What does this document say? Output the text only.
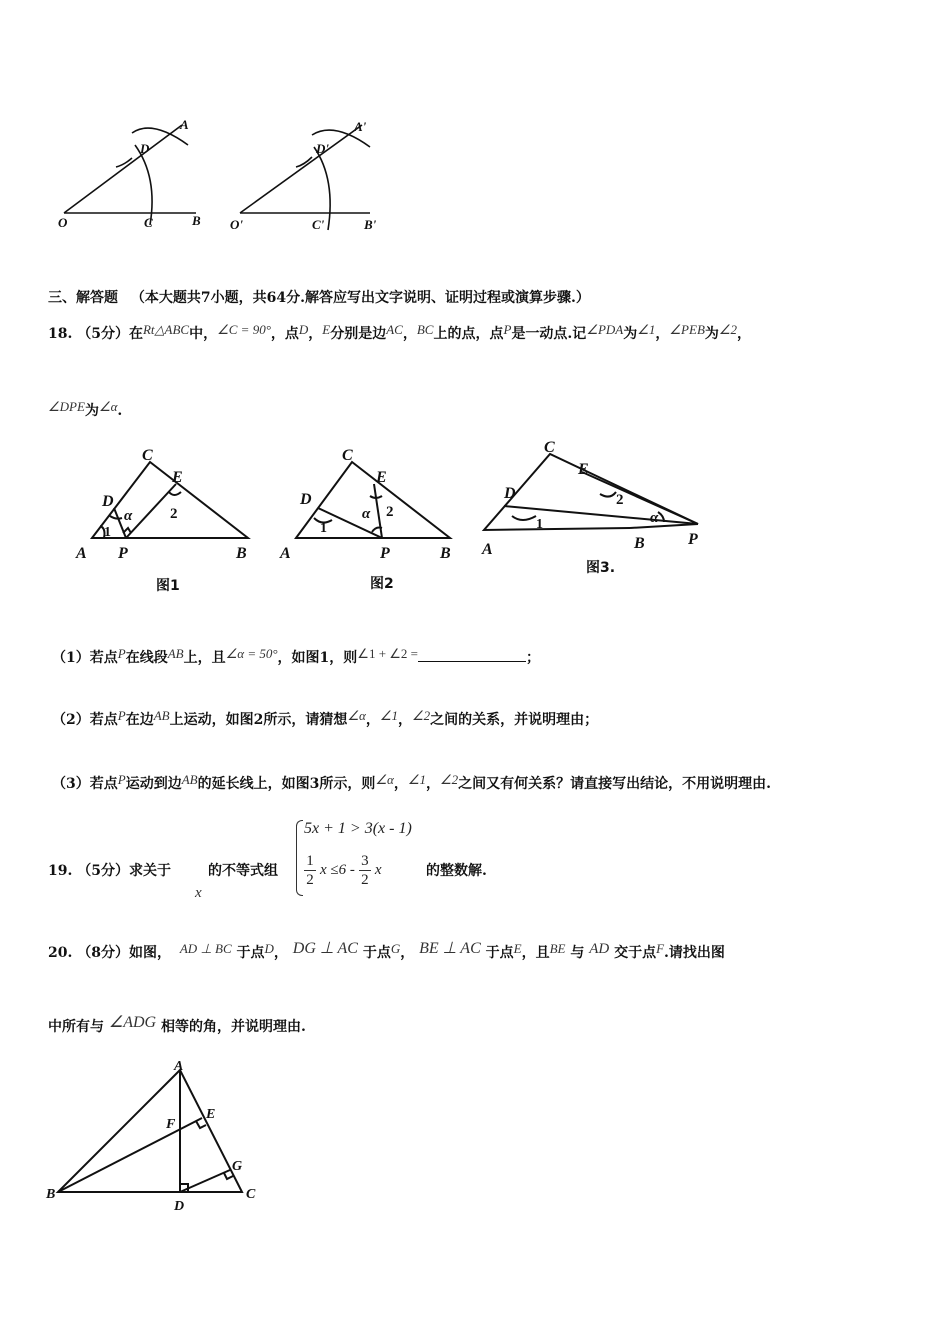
O	C	B
D
A
O'	C'	B'
D'
A'
三、解答题 （本大题共7小题，共64分.解答应写出文字说明、证明过程或演算步骤.）
18. （5分）在Rt△ABC中，∠C = 90°，点D，E分别是边AC，BC上的点，点P是一动点.记∠PDA为∠1，∠PEB为∠2，
∠DPE为∠α.
C
E
D
A P	B
α
1
2
图1
C
E
D
A	P	B
α
1
2
图2
C
E
D
A	B	P
α
1
2
图3.
（1）若点P在线段AB上，且∠α = 50°，如图1，则∠1 + ∠2 =	；
（2）若点P在边AB上运动，如图2所示，请猜想∠α，∠1，∠2之间的关系，并说明理由；
（3）若点P运动到边AB的延长线上，如图3所示，则∠α，∠1，∠2之间又有何关系？请直接写出结论，不用说明理由.
19. （5分）求关于
x
的不等式组
5x + 1 > 3(x - 1)
$\frac{1}{2}$ $x \le 6 - \frac{3}{2}$ x	的整数解.
20. （8分）如图， AD ⊥ BC 于点D， DG ⊥ AC 于点G， BE ⊥ AC 于点E，且BE 与 AD 交于点F.请找出图
中所有与 ∠ADG 相等的角，并说明理由.
A
B	C
D
E
F
G
